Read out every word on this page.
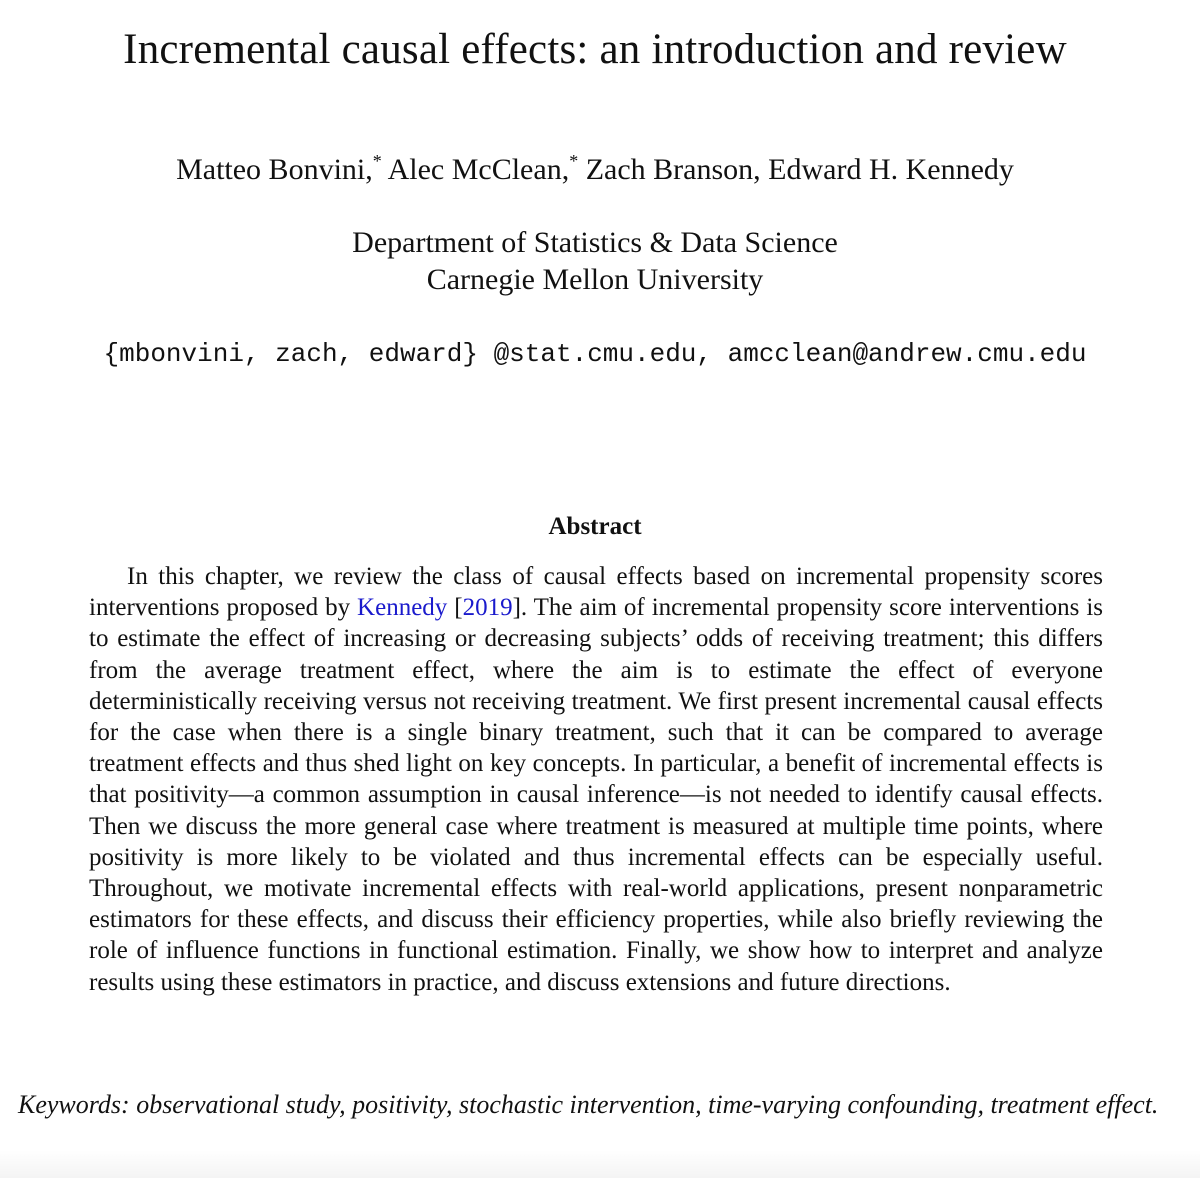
Incremental causal effects: an introduction and review
Matteo Bonvini,* Alec McClean,* Zach Branson, Edward H. Kennedy
Department of Statistics & Data Science
Carnegie Mellon University
{mbonvini, zach, edward} @stat.cmu.edu, amcclean@andrew.cmu.edu
Abstract

In this chapter, we review the class of causal effects based on incremental propensity scores interventions proposed by Kennedy [2019]. The aim of incremental propensity score interventions is to estimate the effect of increasing or decreasing subjects’ odds of receiving treatment; this differs from the average treatment effect, where the aim is to estimate the effect of everyone deterministically receiving versus not receiving treatment. We first present incremental causal effects for the case when there is a single binary treatment, such that it can be compared to average treatment effects and thus shed light on key concepts. In particular, a benefit of incremental effects is that positivity—a common assumption in causal inference—is not needed to identify causal effects. Then we discuss the more general case where treatment is measured at multiple time points, where positivity is more likely to be violated and thus incremental effects can be especially useful. Throughout, we motivate incremental effects with real-world applications, present nonparametric estimators for these effects, and discuss their efficiency properties, while also briefly reviewing the role of influence functions in functional estimation. Finally, we show how to interpret and analyze results using these estimators in practice, and discuss extensions and future directions.

Keywords: observational study, positivity, stochastic intervention, time-varying confounding, treatment effect.
